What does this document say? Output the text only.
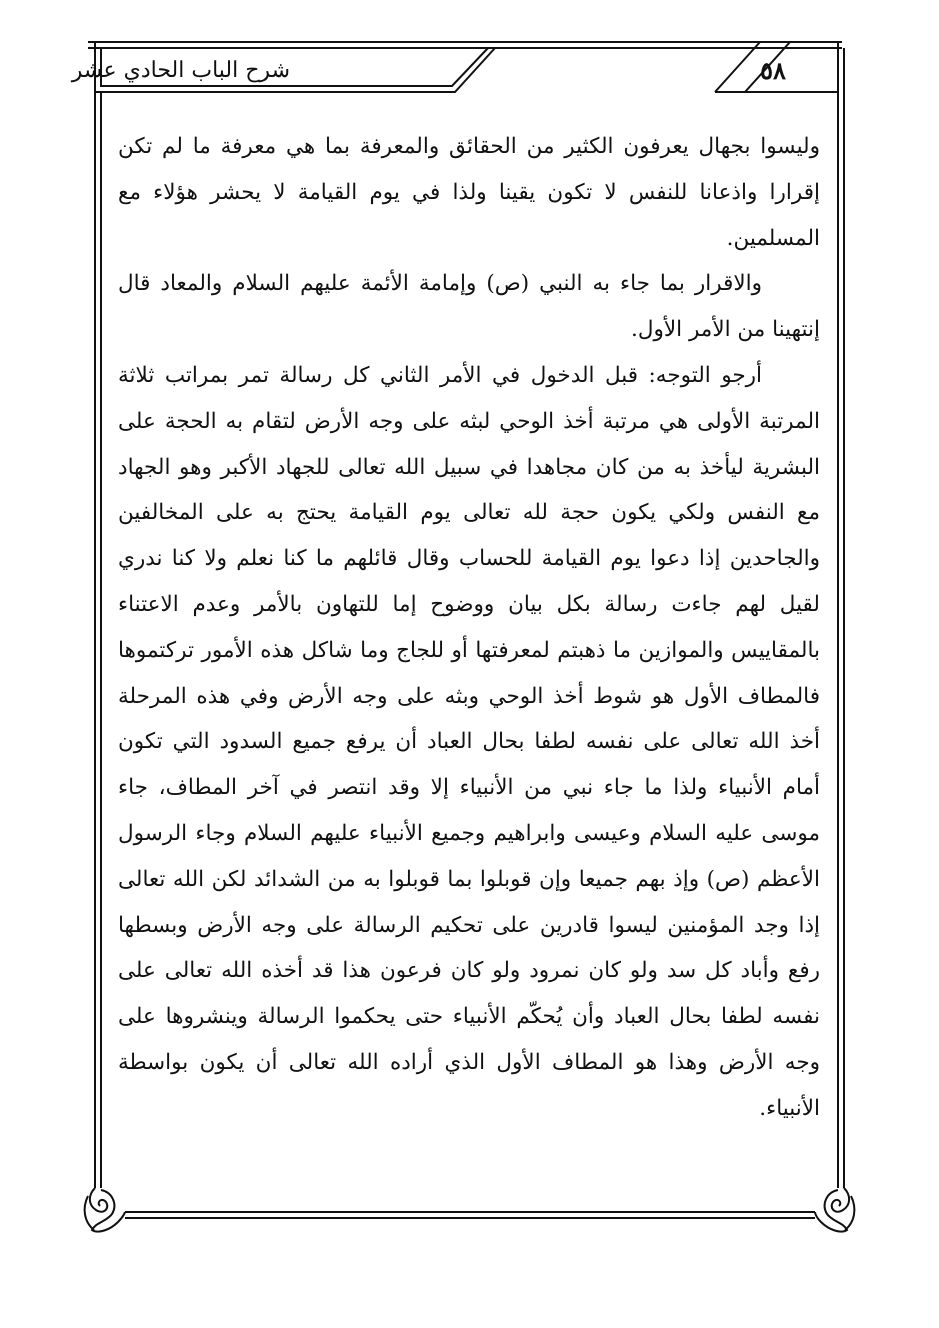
شرح الباب الحادي عشر	٥٨

وليسوا بجهال يعرفون الكثير من الحقائق والمعرفة بما هي معرفة ما لم تكن إقرارا واذعانا للنفس لا تكون يقينا ولذا في يوم القيامة لا يحشر هؤلاء مع المسلمين.

والاقرار بما جاء به النبي (ص) وإمامة الأئمة عليهم السلام والمعاد قال إنتهينا من الأمر الأول.

أرجو التوجه: قبل الدخول في الأمر الثاني كل رسالة تمر بمراتب ثلاثة المرتبة الأولى هي مرتبة أخذ الوحي لبثه على وجه الأرض لتقام به الحجة على البشرية ليأخذ به من كان مجاهدا في سبيل الله تعالى للجهاد الأكبر وهو الجهاد مع النفس ولكي يكون حجة لله تعالى يوم القيامة يحتج به على المخالفين والجاحدين إذا دعوا يوم القيامة للحساب وقال قائلهم ما كنا نعلم ولا كنا ندري لقيل لهم جاءت رسالة بكل بيان ووضوح إما للتهاون بالأمر وعدم الاعتناء بالمقاييس والموازين ما ذهبتم لمعرفتها أو للجاج وما شاكل هذه الأمور تركتموها فالمطاف الأول هو شوط أخذ الوحي وبثه على وجه الأرض وفي هذه المرحلة أخذ الله تعالى على نفسه لطفا بحال العباد أن يرفع جميع السدود التي تكون أمام الأنبياء ولذا ما جاء نبي من الأنبياء إلا وقد انتصر في آخر المطاف، جاء موسى عليه السلام وعيسى وابراهيم وجميع الأنبياء عليهم السلام وجاء الرسول الأعظم (ص) وإذ بهم جميعا وإن قوبلوا بما قوبلوا به من الشدائد لكن الله تعالى إذا وجد المؤمنين ليسوا قادرين على تحكيم الرسالة على وجه الأرض وبسطها رفع وأباد كل سد ولو كان نمرود ولو كان فرعون هذا قد أخذه الله تعالى على نفسه لطفا بحال العباد وأن يُحكّم الأنبياء حتى يحكموا الرسالة وينشروها على وجه الأرض وهذا هو المطاف الأول الذي أراده الله تعالى أن يكون بواسطة الأنبياء.
